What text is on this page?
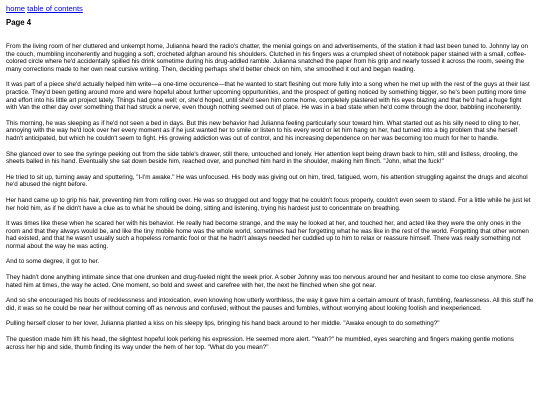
home table of contents
Page 4

From the living room of her cluttered and unkempt home, Julianna heard the radio's chatter, the menial goings on and advertisements, of the station it had last been tuned to. Johnny lay on the couch, mumbling incoherently and hugging a soft, crocheted afghan around his shoulders. Clutched in his fingers was a crumpled sheet of notebook paper stained with a small, coffee-colored circle where he'd accidentally spilled his drink sometime during his drug-addled ramble. Julianna snatched the paper from his grip and nearly tossed it across the room, seeing the many corrections made to her own neat cursive writing. Then, deciding perhaps she'd better check on him, she smoothed it out and began reading.

It was part of a piece she'd actually helped him write—a one-time occurence—that he wanted to start fleshing out more fully into a song when he met up with the rest of the guys at their last practice. They'd been getting around more and were hopeful about further upcoming oppurtunities, and the prospect of getting noticed by something bigger, so he's been putting more time and effort into his little art project lately. Things had gone well; or, she'd hoped, until she'd seen him come home, completely plastered with his eyes blazing and that he'd had a huge fight with Van the other day over something that had struck a nerve, even though nothing seemed out of place. He was in a bad state when he'd come through the door, babbling incoherently.

This morning, he was sleeping as if he'd not seen a bed in days. But this new behavior had Julianna feeling particularly sour toward him. What started out as his silly need to cling to her, annoying with the way he'd look over her every moment as if he just wanted her to smile or listen to his every word or let him hang on her, had turned into a big problem that she herself hadn't anticipated, but which he couldn't seem to fight. His growing addiction was out of control, and his increasing dependence on her was becoming too much for her to handle.

She glanced over to see the syringe peeking out from the side table's drawer, still there, untouched and lonely. Her attention kept being drawn back to him, still and listless, drooling, the sheets balled in his hand. Eventually she sat down beside him, reached over, and punched him hard in the shoulder, making him flinch. "John, what the fuck!"

He tried to sit up, turning away and sputtering, "I-I'm awake." He was unfocused. His body was giving out on him, tired, fatigued, worn, his attention struggling against the drugs and alcohol he'd abused the night before.

Her hand came up to grip his hair, preventing him from rolling over. He was so drugged out and foggy that he couldn't focus properly, couldn't even seem to stand. For a little while he just let her hold him, as if he didn't have a clue as to what he should be doing, sitting and listening, trying his hardest just to concentrate on breathing.

It was times like these when he scared her with his behavior. He really had become strange, and the way he looked at her, and touched her, and acted like they were the only ones in the room and that they always would be, and like the tiny mobile home was the whole world, sometimes had her forgetting what he was like in the rest of the world. Forgetting that other women had existed, and that he wasn't usually such a hopeless romantic fool or that he hadn't always needed her cuddled up to him to relax or reassure himself. There was really something not normal about the way he was acting.

And to some degree, it got to her.

They hadn't done anything intimate since that one drunken and drug-fueled night the week prior. A sober Johnny was too nervous around her and hesitant to come too close anymore. She hated him at times, the way he acted. One moment, so bold and sweet and carefree with her, the next he flinched when she got near.

And so she encouraged his bouts of recklessness and intoxication, even knowing how utterly worthless, the way it gave him a certain amount of brash, fumbling, fearlessness. All this stuff he did, it was so he could be near her without coming off as nervous and confused, without the pauses and fumbles, without worrying about looking foolish and inexperienced.

Pulling herself closer to her lover, Julianna planted a kiss on his sleepy lips, bringing his hand back around to her middle. "Awake enough to do something?"

The question made him lift his head, the slightest hopeful look perking his expression. He seemed more alert. "Yeah?" he mumbled, eyes searching and fingers making gentle motions across her hip and side, thumb finding its way under the hem of her top. "What do you mean?"
